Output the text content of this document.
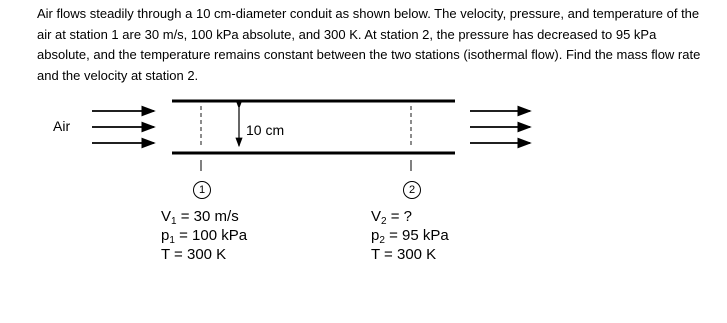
Air flows steadily through a 10 cm-diameter conduit as shown below. The velocity, pressure, and temperature of the air at station 1 are 30 m/s, 100 kPa absolute, and 300 K. At station 2, the pressure has decreased to 95 kPa absolute, and the temperature remains constant between the two stations (isothermal flow). Find the mass flow rate and the velocity at station 2.
Air	10 cm
1	2
$V_1 = 30$ m/s
$p_1 = 100$ kPa
T = 300 K
$V_2$ = ?
$p_2 = 95$ kPa
T = 300 K
